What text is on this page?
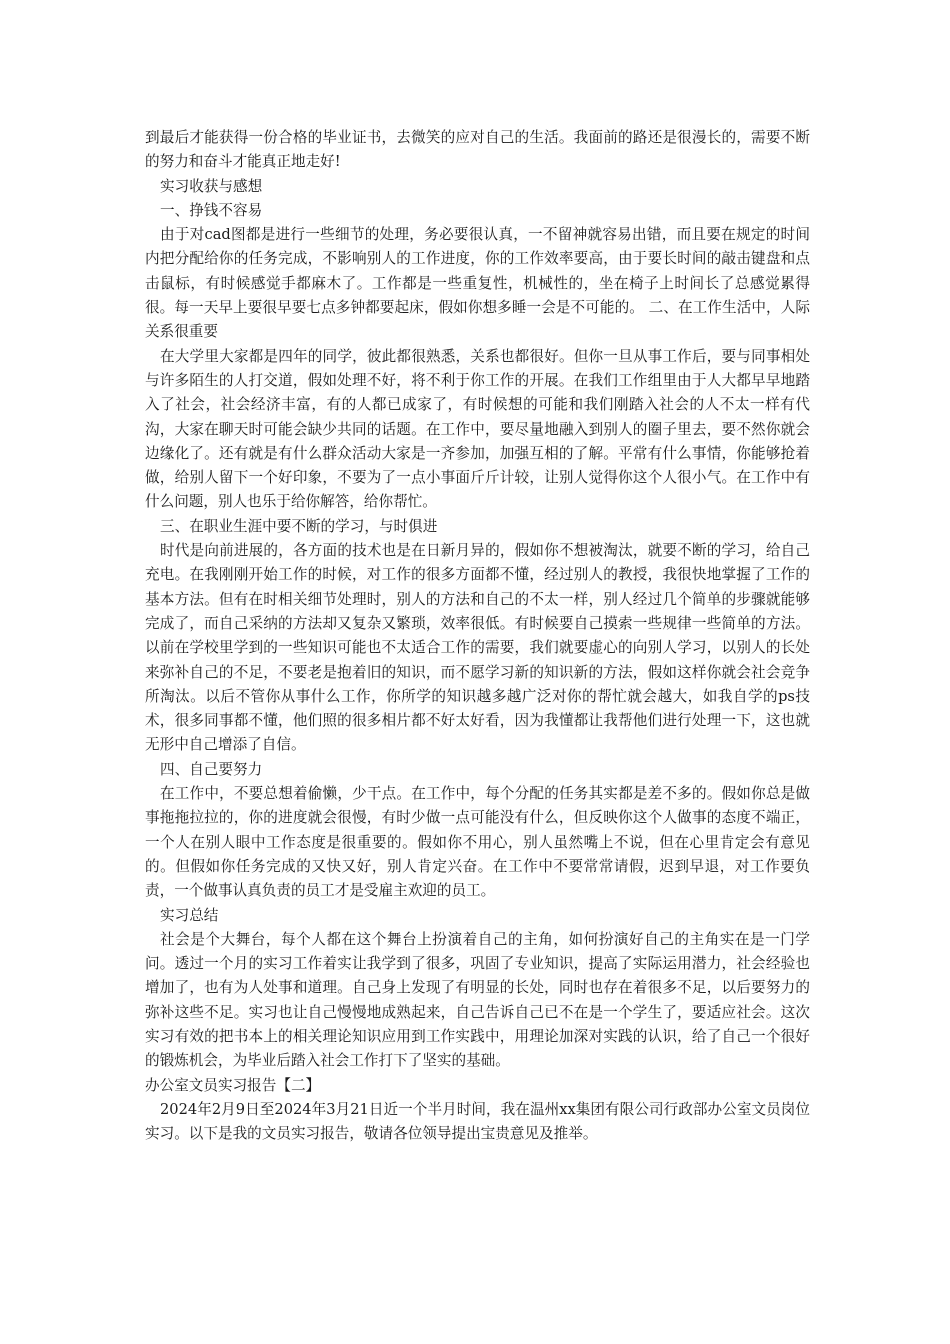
到最后才能获得一份合格的毕业证书，去微笑的应对自己的生活。我面前的路还是很漫长的，需要不断的努力和奋斗才能真正地走好!

实习收获与感想

一、挣钱不容易

由于对cad图都是进行一些细节的处理，务必要很认真，一不留神就容易出错，而且要在规定的时间内把分配给你的任务完成，不影响别人的工作进度，你的工作效率要高，由于要长时间的敲击键盘和点击鼠标，有时候感觉手都麻木了。工作都是一些重复性，机械性的，坐在椅子上时间长了总感觉累得很。每一天早上要很早要七点多钟都要起床，假如你想多睡一会是不可能的。 二、在工作生活中，人际关系很重要

在大学里大家都是四年的同学，彼此都很熟悉，关系也都很好。但你一旦从事工作后，要与同事相处与许多陌生的人打交道，假如处理不好，将不利于你工作的开展。在我们工作组里由于人大都早早地踏入了社会，社会经济丰富，有的人都已成家了，有时候想的可能和我们刚踏入社会的人不太一样有代沟，大家在聊天时可能会缺少共同的话题。在工作中，要尽量地融入到别人的圈子里去，要不然你就会边缘化了。还有就是有什么群众活动大家是一齐参加，加强互相的了解。平常有什么事情，你能够抢着做，给别人留下一个好印象，不要为了一点小事面斤斤计较，让别人觉得你这个人很小气。在工作中有什么问题，别人也乐于给你解答，给你帮忙。

三、在职业生涯中要不断的学习，与时俱进

时代是向前进展的，各方面的技术也是在日新月异的，假如你不想被淘汰，就要不断的学习，给自己充电。在我刚刚开始工作的时候，对工作的很多方面都不懂，经过别人的教授，我很快地掌握了工作的基本方法。但有在时相关细节处理时，别人的方法和自己的不太一样，别人经过几个简单的步骤就能够完成了，而自己采纳的方法却又复杂又繁琐，效率很低。有时候要自己摸索一些规律一些简单的方法。以前在学校里学到的一些知识可能也不太适合工作的需要，我们就要虚心的向别人学习，以别人的长处来弥补自己的不足，不要老是抱着旧的知识，而不愿学习新的知识新的方法，假如这样你就会社会竞争所淘汰。以后不管你从事什么工作，你所学的知识越多越广泛对你的帮忙就会越大，如我自学的ps技术，很多同事都不懂，他们照的很多相片都不好太好看，因为我懂都让我帮他们进行处理一下，这也就无形中自己增添了自信。

四、自己要努力

在工作中，不要总想着偷懒，少干点。在工作中，每个分配的任务其实都是差不多的。假如你总是做事拖拖拉拉的，你的进度就会很慢，有时少做一点可能没有什么，但反映你这个人做事的态度不端正，一个人在别人眼中工作态度是很重要的。假如你不用心，别人虽然嘴上不说，但在心里肯定会有意见的。但假如你任务完成的又快又好，别人肯定兴奋。在工作中不要常常请假，迟到早退，对工作要负责，一个做事认真负责的员工才是受雇主欢迎的员工。

实习总结

社会是个大舞台，每个人都在这个舞台上扮演着自己的主角，如何扮演好自己的主角实在是一门学问。透过一个月的实习工作着实让我学到了很多，巩固了专业知识，提高了实际运用潜力，社会经验也增加了，也有为人处事和道理。自己身上发现了有明显的长处，同时也存在着很多不足，以后要努力的弥补这些不足。实习也让自己慢慢地成熟起来，自己告诉自己已不在是一个学生了，要适应社会。这次实习有效的把书本上的相关理论知识应用到工作实践中，用理论加深对实践的认识，给了自己一个很好的锻炼机会，为毕业后踏入社会工作打下了坚实的基础。

办公室文员实习报告【二】

2024年2月9日至2024年3月21日近一个半月时间，我在温州xx集团有限公司行政部办公室文员岗位实习。以下是我的文员实习报告，敬请各位领导提出宝贵意见及推举。
